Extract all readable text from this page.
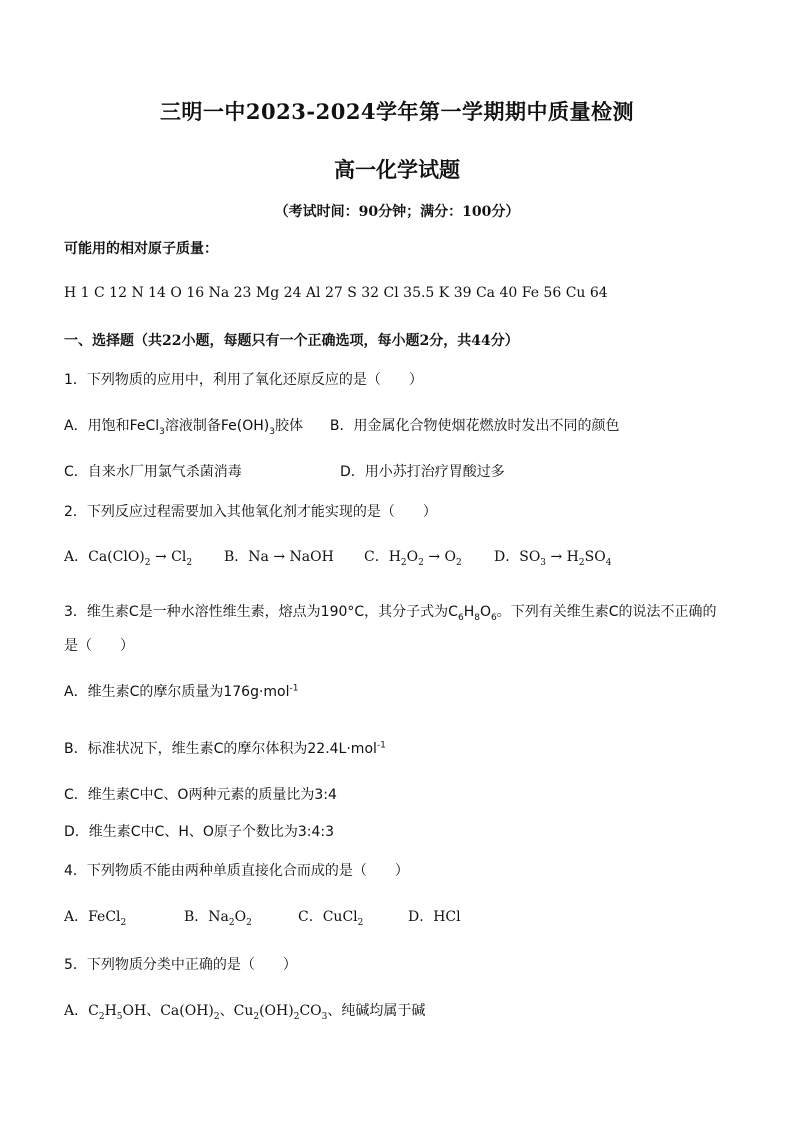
三明一中2023-2024学年第一学期期中质量检测
高一化学试题
（考试时间：90分钟；满分：100分）
可能用的相对原子质量：
H 1 C 12 N 14 O 16 Na 23 Mg 24 Al 27 S 32 Cl 35.5 K 39 Ca 40 Fe 56 Cu 64
一、选择题（共22小题，每题只有一个正确选项，每小题2分，共44分）
1．下列物质的应用中，利用了氧化还原反应的是（　　）
A．用饱和FeCl$_3$溶液制备$Fe(OH)_3$胶体 B．用金属化合物使烟花燃放时发出不同的颜色
C．自来水厂用氯气杀菌消毒	D．用小苏打治疗胃酸过多
2．下列反应过程需要加入其他氧化剂才能实现的是（　　）
A．$Ca(ClO)_2 \to Cl_2$ B．Na → NaOH C．$H_2O_2 \to O_2$ D．$SO_3 \to H_2SO_4$
3．维生素C是一种水溶性维生素，熔点为190°C，其分子式为$C_6H_8O_6$。下列有关维生素C的说法不正确的
是（　　）
A．维生素C的摩尔质量为176g·mol$^{-1}$
B．标准状况下，维生素C的摩尔体积为22.4L·mol$^{-1}$
C．维生素C中C、O两种元素的质量比为3:4
D．维生素C中C、H、O原子个数比为3:4:3
4．下列物质不能由两种单质直接化合而成的是（　　）
A．FeCl$_2$	B．$Na_2O_2$	C．CuCl$_2$	D．HCl
5．下列物质分类中正确的是（　　）
A．$C_2H_5OH$、$Ca(OH)_2$、$Cu_2(OH)_2CO_3$、纯碱均属于碱
